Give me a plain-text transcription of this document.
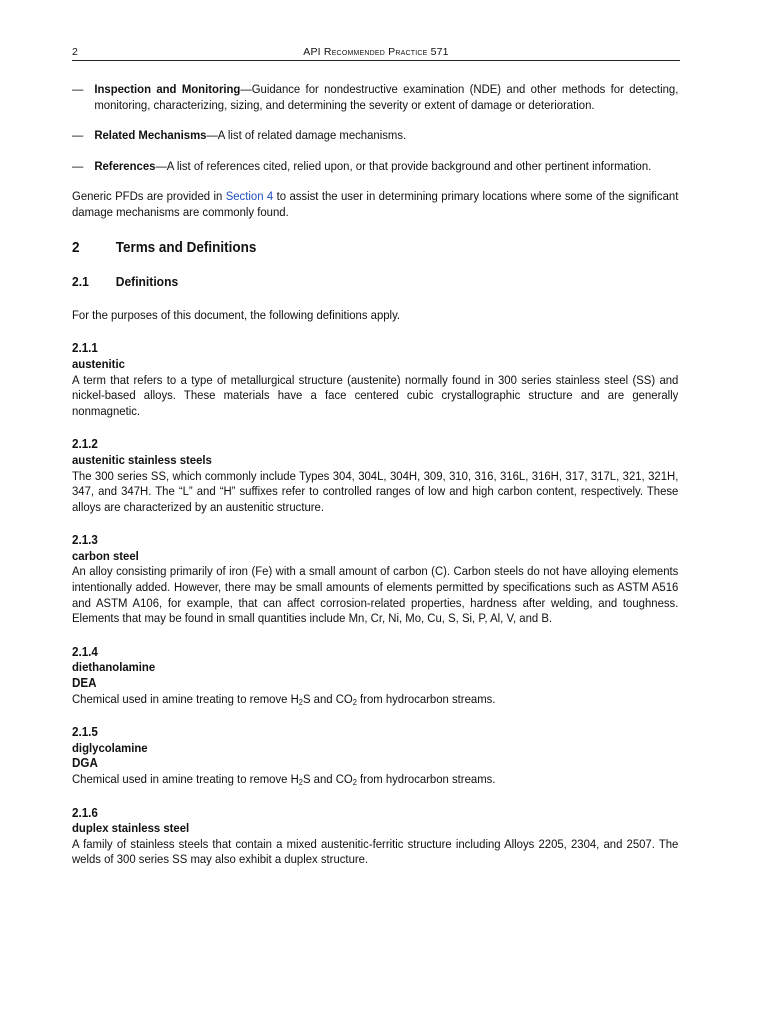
2	API Recommended Practice 571
— Inspection and Monitoring—Guidance for nondestructive examination (NDE) and other methods for detecting, monitoring, characterizing, sizing, and determining the severity or extent of damage or deterioration.
— Related Mechanisms—A list of related damage mechanisms.
— References—A list of references cited, relied upon, or that provide background and other pertinent information.

Generic PFDs are provided in Section 4 to assist the user in determining primary locations where some of the significant damage mechanisms are commonly found.

2	Terms and Definitions
2.1	Definitions

For the purposes of this document, the following definitions apply.

2.1.1
austenitic
A term that refers to a type of metallurgical structure (austenite) normally found in 300 series stainless steel (SS) and nickel-based alloys. These materials have a face centered cubic crystallographic structure and are generally nonmagnetic.
2.1.2
austenitic stainless steels
The 300 series SS, which commonly include Types 304, 304L, 304H, 309, 310, 316, 316L, 316H, 317, 317L, 321, 321H, 347, and 347H. The “L” and “H” suffixes refer to controlled ranges of low and high carbon content, respectively. These alloys are characterized by an austenitic structure.
2.1.3
carbon steel
An alloy consisting primarily of iron (Fe) with a small amount of carbon (C). Carbon steels do not have alloying elements intentionally added. However, there may be small amounts of elements permitted by specifications such as ASTM A516 and ASTM A106, for example, that can affect corrosion-related properties, hardness after welding, and toughness. Elements that may be found in small quantities include Mn, Cr, Ni, Mo, Cu, S, Si, P, Al, V, and B.
2.1.4
diethanolamine
DEA
Chemical used in amine treating to remove $H_2S$ and $CO_2$ from hydrocarbon streams.
2.1.5
diglycolamine
DGA
Chemical used in amine treating to remove $H_2S$ and $CO_2$ from hydrocarbon streams.
2.1.6
duplex stainless steel
A family of stainless steels that contain a mixed austenitic-ferritic structure including Alloys 2205, 2304, and 2507. The welds of 300 series SS may also exhibit a duplex structure.
